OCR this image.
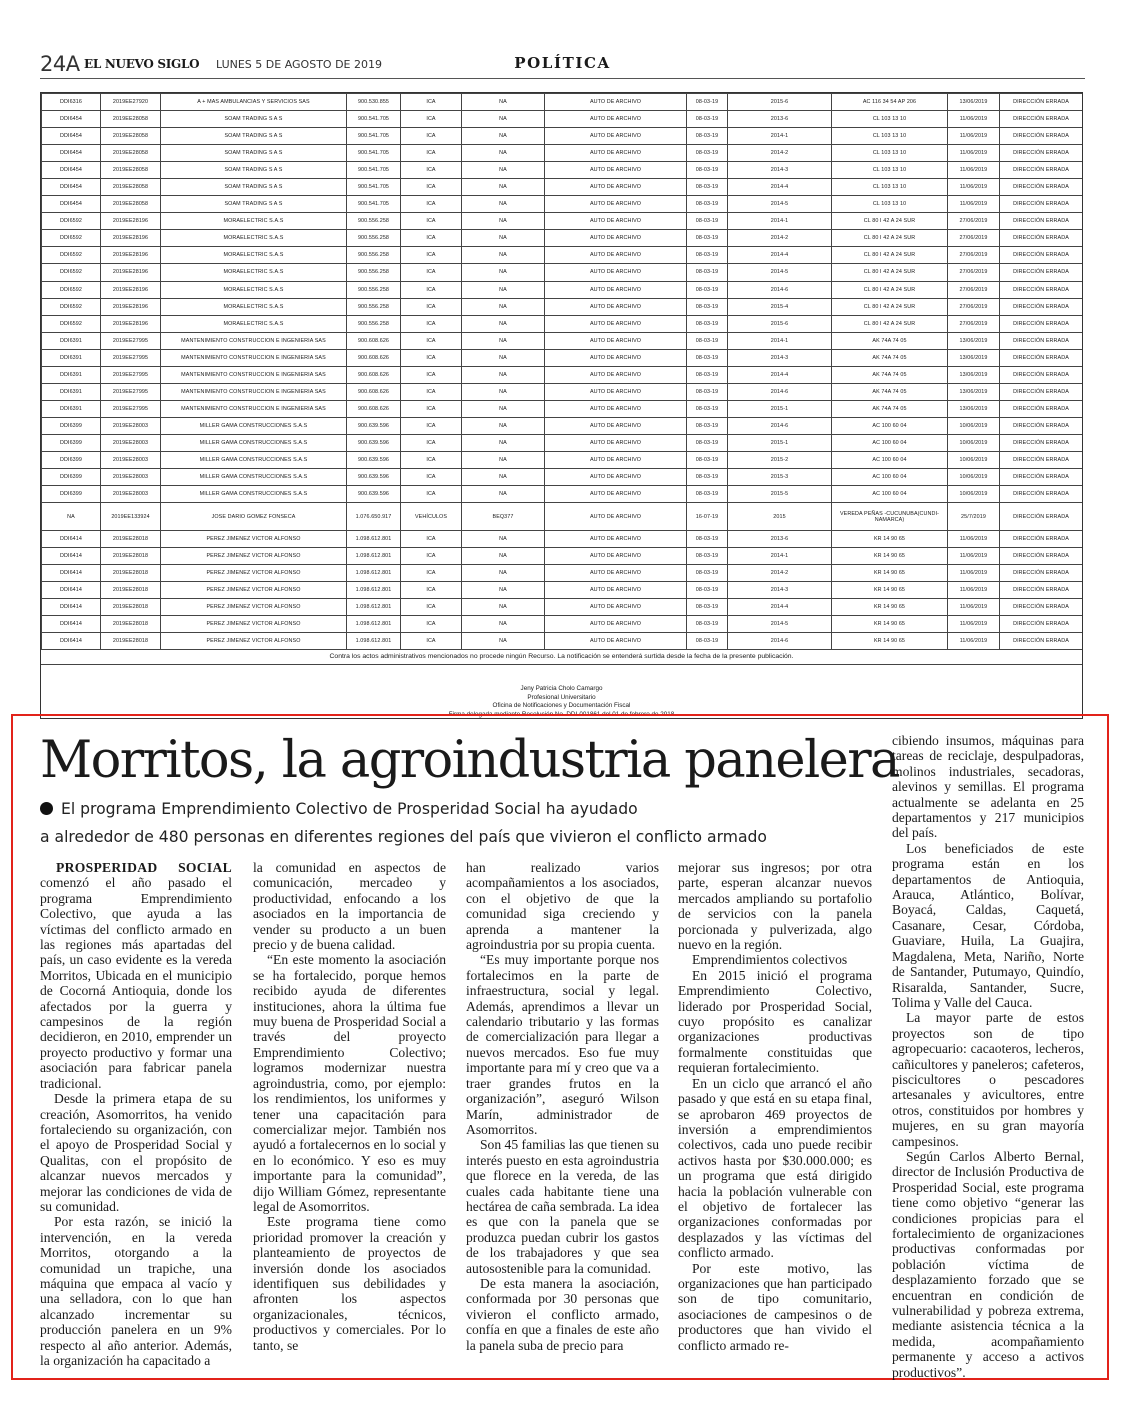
24A EL NUEVO SIGLO LUNES 5 DE AGOSTO DE 2019	POLÍTICA
DDI6316	2019EE27920	A + MAS AMBULANCIAS Y SERVICIOS SAS	900.530.855	ICA	NA	AUTO DE ARCHIVO	08-03-19	2015-6	AC 116 34 54 AP 206	13/06/2019	DIRECCIÓN ERRADA
DDI6454	2019EE28058	SOAM TRADING S A S	900.541.705	ICA	NA	AUTO DE ARCHIVO	08-03-19	2013-6	CL 103 13 10	11/06/2019	DIRECCIÓN ERRADA
DDI6454	2019EE28058	SOAM TRADING S A S	900.541.705	ICA	NA	AUTO DE ARCHIVO	08-03-19	2014-1	CL 103 13 10	11/06/2019	DIRECCIÓN ERRADA
DDI6454	2019EE28058	SOAM TRADING S A S	900.541.705	ICA	NA	AUTO DE ARCHIVO	08-03-19	2014-2	CL 103 13 10	11/06/2019	DIRECCIÓN ERRADA
DDI6454	2019EE28058	SOAM TRADING S A S	900.541.705	ICA	NA	AUTO DE ARCHIVO	08-03-19	2014-3	CL 103 13 10	11/06/2019	DIRECCIÓN ERRADA
DDI6454	2019EE28058	SOAM TRADING S A S	900.541.705	ICA	NA	AUTO DE ARCHIVO	08-03-19	2014-4	CL 103 13 10	11/06/2019	DIRECCIÓN ERRADA
DDI6454	2019EE28058	SOAM TRADING S A S	900.541.705	ICA	NA	AUTO DE ARCHIVO	08-03-19	2014-5	CL 103 13 10	11/06/2019	DIRECCIÓN ERRADA
DDI6592	2019EE28196	MORAELECTRIC S.A.S	900.556.258	ICA	NA	AUTO DE ARCHIVO	08-03-19	2014-1	CL 80 I 42 A 24 SUR	27/06/2019	DIRECCIÓN ERRADA
DDI6592	2019EE28196	MORAELECTRIC S.A.S	900.556.258	ICA	NA	AUTO DE ARCHIVO	08-03-19	2014-2	CL 80 I 42 A 24 SUR	27/06/2019	DIRECCIÓN ERRADA
DDI6592	2019EE28196	MORAELECTRIC S.A.S	900.556.258	ICA	NA	AUTO DE ARCHIVO	08-03-19	2014-4	CL 80 I 42 A 24 SUR	27/06/2019	DIRECCIÓN ERRADA
DDI6592	2019EE28196	MORAELECTRIC S.A.S	900.556.258	ICA	NA	AUTO DE ARCHIVO	08-03-19	2014-5	CL 80 I 42 A 24 SUR	27/06/2019	DIRECCIÓN ERRADA
DDI6592	2019EE28196	MORAELECTRIC S.A.S	900.556.258	ICA	NA	AUTO DE ARCHIVO	08-03-19	2014-6	CL 80 I 42 A 24 SUR	27/06/2019	DIRECCIÓN ERRADA
DDI6592	2019EE28196	MORAELECTRIC S.A.S	900.556.258	ICA	NA	AUTO DE ARCHIVO	08-03-19	2015-4	CL 80 I 42 A 24 SUR	27/06/2019	DIRECCIÓN ERRADA
DDI6592	2019EE28196	MORAELECTRIC S.A.S	900.556.258	ICA	NA	AUTO DE ARCHIVO	08-03-19	2015-6	CL 80 I 42 A 24 SUR	27/06/2019	DIRECCIÓN ERRADA
DDI6391	2019EE27995	MANTENIMIENTO CONSTRUCCION E INGENIERIA SAS	900.608.626	ICA	NA	AUTO DE ARCHIVO	08-03-19	2014-1	AK 74A 74 05	13/06/2019	DIRECCIÓN ERRADA
DDI6391	2019EE27995	MANTENIMIENTO CONSTRUCCION E INGENIERIA SAS	900.608.626	ICA	NA	AUTO DE ARCHIVO	08-03-19	2014-3	AK 74A 74 05	13/06/2019	DIRECCIÓN ERRADA
DDI6391	2019EE27995	MANTENIMIENTO CONSTRUCCION E INGENIERIA SAS	900.608.626	ICA	NA	AUTO DE ARCHIVO	08-03-19	2014-4	AK 74A 74 05	13/06/2019	DIRECCIÓN ERRADA
DDI6391	2019EE27995	MANTENIMIENTO CONSTRUCCION E INGENIERIA SAS	900.608.626	ICA	NA	AUTO DE ARCHIVO	08-03-19	2014-6	AK 74A 74 05	13/06/2019	DIRECCIÓN ERRADA
DDI6391	2019EE27995	MANTENIMIENTO CONSTRUCCION E INGENIERIA SAS	900.608.626	ICA	NA	AUTO DE ARCHIVO	08-03-19	2015-1	AK 74A 74 05	13/06/2019	DIRECCIÓN ERRADA
DDI6399	2019EE28003	MILLER GAMA CONSTRUCCIONES S.A.S	900.639.596	ICA	NA	AUTO DE ARCHIVO	08-03-19	2014-6	AC 100 60 04	10/06/2019	DIRECCIÓN ERRADA
DDI6399	2019EE28003	MILLER GAMA CONSTRUCCIONES S.A.S	900.639.596	ICA	NA	AUTO DE ARCHIVO	08-03-19	2015-1	AC 100 60 04	10/06/2019	DIRECCIÓN ERRADA
DDI6399	2019EE28003	MILLER GAMA CONSTRUCCIONES S.A.S	900.639.596	ICA	NA	AUTO DE ARCHIVO	08-03-19	2015-2	AC 100 60 04	10/06/2019	DIRECCIÓN ERRADA
DDI6399	2019EE28003	MILLER GAMA CONSTRUCCIONES S.A.S	900.639.596	ICA	NA	AUTO DE ARCHIVO	08-03-19	2015-3	AC 100 60 04	10/06/2019	DIRECCIÓN ERRADA
DDI6399	2019EE28003	MILLER GAMA CONSTRUCCIONES S.A.S	900.639.596	ICA	NA	AUTO DE ARCHIVO	08-03-19	2015-5	AC 100 60 04	10/06/2019	DIRECCIÓN ERRADA
NA	2019EE133924	JOSE DARIO GOMEZ FONSECA	1.076.650.917	VEHÍCULOS	BEQ377	AUTO DE ARCHIVO	16-07-19	2015	VEREDA PEÑAS -CUCUNUBA(CUNDI-NAMARCA)	25/7/2019	DIRECCIÓN ERRADA
DDI6414	2019EE28018	PEREZ JIMENEZ VICTOR ALFONSO	1.098.612.801	ICA	NA	AUTO DE ARCHIVO	08-03-19	2013-6	KR 14 90 65	11/06/2019	DIRECCIÓN ERRADA
DDI6414	2019EE28018	PEREZ JIMENEZ VICTOR ALFONSO	1.098.612.801	ICA	NA	AUTO DE ARCHIVO	08-03-19	2014-1	KR 14 90 65	11/06/2019	DIRECCIÓN ERRADA
DDI6414	2019EE28018	PEREZ JIMENEZ VICTOR ALFONSO	1.098.612.801	ICA	NA	AUTO DE ARCHIVO	08-03-19	2014-2	KR 14 90 65	11/06/2019	DIRECCIÓN ERRADA
DDI6414	2019EE28018	PEREZ JIMENEZ VICTOR ALFONSO	1.098.612.801	ICA	NA	AUTO DE ARCHIVO	08-03-19	2014-3	KR 14 90 65	11/06/2019	DIRECCIÓN ERRADA
DDI6414	2019EE28018	PEREZ JIMENEZ VICTOR ALFONSO	1.098.612.801	ICA	NA	AUTO DE ARCHIVO	08-03-19	2014-4	KR 14 90 65	11/06/2019	DIRECCIÓN ERRADA
DDI6414	2019EE28018	PEREZ JIMENEZ VICTOR ALFONSO	1.098.612.801	ICA	NA	AUTO DE ARCHIVO	08-03-19	2014-5	KR 14 90 65	11/06/2019	DIRECCIÓN ERRADA
DDI6414	2019EE28018	PEREZ JIMENEZ VICTOR ALFONSO	1.098.612.801	ICA	NA	AUTO DE ARCHIVO	08-03-19	2014-6	KR 14 90 65	11/06/2019	DIRECCIÓN ERRADA
Contra los actos administrativos mencionados no procede ningún Recurso. La notificación se entenderá surtida desde la fecha de la presente publicación.
Jeny Patricia Cholo Camargo
Profesional Universitario
Oficina de Notificaciones y Documentación Fiscal
Firma delegada mediante Resolución No. DDI-001861 del 01 de febrero de 2018
Morritos, la agroindustria panelera
El programa Emprendimiento Colectivo de Prosperidad Social ha ayudado
a alrededor de 480 personas en diferentes regiones del país que vivieron el conflicto armado

PROSPERIDAD SOCIAL comenzó el año pasado el programa Emprendimiento Colectivo, que ayuda a las víctimas del conflicto armado en las regiones más apartadas del país, un caso evidente es la vereda Morritos, Ubicada en el municipio de Cocorná Antioquia, donde los afectados por la guerra y campesinos de la región decidieron, en 2010, emprender un proyecto productivo y formar una asociación para fabricar panela tradicional.

Desde la primera etapa de su creación, Asomorritos, ha venido fortaleciendo su organización, con el apoyo de Prosperidad Social y Qualitas, con el propósito de alcanzar nuevos mercados y mejorar las condiciones de vida de su comunidad.

Por esta razón, se inició la intervención, en la vereda Morritos, otorgando a la comunidad un trapiche, una máquina que empaca al vacío y una selladora, con lo que han alcanzado incrementar su producción panelera en un 9% respecto al año anterior. Además, la organización ha capacitado a

la comunidad en aspectos de comunicación, mercadeo y productividad, enfocando a los asociados en la importancia de vender su producto a un buen precio y de buena calidad.

“En este momento la asociación se ha fortalecido, porque hemos recibido ayuda de diferentes instituciones, ahora la última fue muy buena de Prosperidad Social a través del proyecto Emprendimiento Colectivo; logramos modernizar nuestra agroindustria, como, por ejemplo: los rendimientos, los uniformes y tener una capacitación para comercializar mejor. También nos ayudó a fortalecernos en lo social y en lo económico. Y eso es muy importante para la comunidad”, dijo William Gómez, representante legal de Asomorritos.

Este programa tiene como prioridad promover la creación y planteamiento de proyectos de inversión donde los asociados identifiquen sus debilidades y afronten los aspectos organizacionales, técnicos, productivos y comerciales. Por lo tanto, se

han realizado varios acompañamientos a los asociados, con el objetivo de que la comunidad siga creciendo y aprenda a mantener la agroindustria por su propia cuenta.

“Es muy importante porque nos fortalecimos en la parte de infraestructura, social y legal. Además, aprendimos a llevar un calendario tributario y las formas de comercialización para llegar a nuevos mercados. Eso fue muy importante para mí y creo que va a traer grandes frutos en la organización”, aseguró Wilson Marín, administrador de Asomorritos.

Son 45 familias las que tienen su interés puesto en esta agroindustria que florece en la vereda, de las cuales cada habitante tiene una hectárea de caña sembrada. La idea es que con la panela que se produzca puedan cubrir los gastos de los trabajadores y que sea autosostenible para la comunidad.

De esta manera la asociación, conformada por 30 personas que vivieron el conflicto armado, confía en que a finales de este año la panela suba de precio para

mejorar sus ingresos; por otra parte, esperan alcanzar nuevos mercados ampliando su portafolio de servicios con la panela porcionada y pulverizada, algo nuevo en la región.

Emprendimientos colectivos

En 2015 inició el programa Emprendimiento Colectivo, liderado por Prosperidad Social, cuyo propósito es canalizar organizaciones productivas formalmente constituidas que requieran fortalecimiento.

En un ciclo que arrancó el año pasado y que está en su etapa final, se aprobaron 469 proyectos de inversión a emprendimientos colectivos, cada uno puede recibir activos hasta por $30.000.000; es un programa que está dirigido hacia la población vulnerable con el objetivo de fortalecer las organizaciones conformadas por desplazados y las víctimas del conflicto armado.

Por este motivo, las organizaciones que han participado son de tipo comunitario, asociaciones de campesinos o de productores que han vivido el conflicto armado re-

cibiendo insumos, máquinas para tareas de reciclaje, despulpadoras, molinos industriales, secadoras, alevinos y semillas. El programa actualmente se adelanta en 25 departamentos y 217 municipios del país.

Los beneficiados de este programa están en los departamentos de Antioquia, Arauca, Atlántico, Bolívar, Boyacá, Caldas, Caquetá, Casanare, Cesar, Córdoba, Guaviare, Huila, La Guajira, Magdalena, Meta, Nariño, Norte de Santander, Putumayo, Quindío, Risaralda, Santander, Sucre, Tolima y Valle del Cauca.

La mayor parte de estos proyectos son de tipo agropecuario: cacaoteros, lecheros, cañicultores y paneleros; cafeteros, piscicultores o pescadores artesanales y avicultores, entre otros, constituidos por hombres y mujeres, en su gran mayoría campesinos.

Según Carlos Alberto Bernal, director de Inclusión Productiva de Prosperidad Social, este programa tiene como objetivo “generar las condiciones propicias para el fortalecimiento de organizaciones productivas conformadas por población víctima de desplazamiento forzado que se encuentran en condición de vulnerabilidad y pobreza extrema, mediante asistencia técnica a la medida, acompañamiento permanente y acceso a activos productivos”.
